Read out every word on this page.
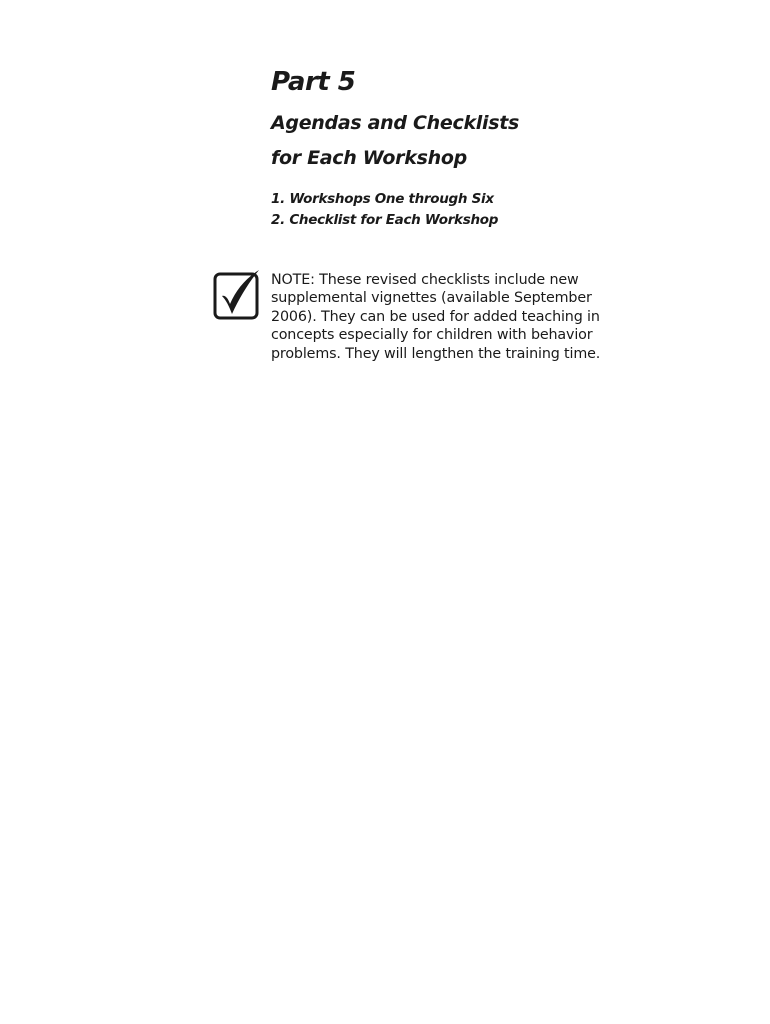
Part 5
Agendas and Checklists
for Each Workshop
1. Workshops One through Six
2. Checklist for Each Workshop

NOTE: These revised checklists include new
supplemental vignettes (available September
2006). They can be used for added teaching in
concepts especially for children with behavior
problems. They will lengthen the training time.
